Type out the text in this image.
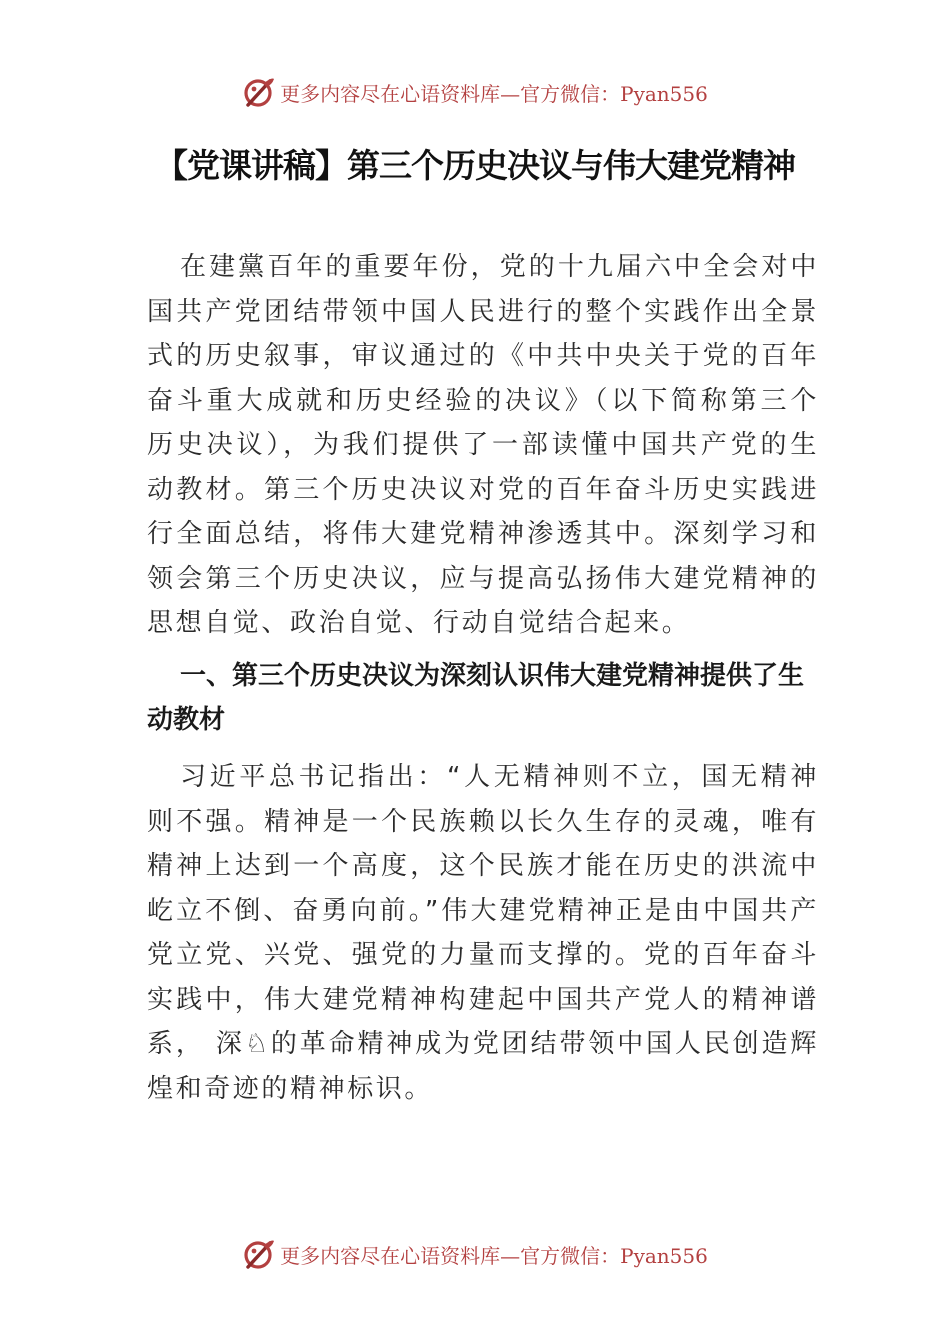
更多内容尽在心语资料库—官方微信：Pyan556
【党课讲稿】第三个历史决议与伟大建党精神

在建黨百年的重要年份，党的十九届六中全会对中国共产党团结带领中国人民进行的整个实践作出全景式的历史叙事，审议通过的《中共中央关于党的百年奋斗重大成就和历史经验的决议》（以下简称第三个历史决议），为我们提供了一部读懂中国共产党的生动教材。第三个历史决议对党的百年奋斗历史实践进行全面总结，将伟大建党精神渗透其中。深刻学习和领会第三个历史决议，应与提高弘扬伟大建党精神的思想自觉、政治自觉、行动自觉结合起来。

一、第三个历史决议为深刻认识伟大建党精神提供了生动教材

习近平总书记指出：“人无精神则不立，国无精神则不强。精神是一个民族赖以长久生存的灵魂，唯有精神上达到一个高度，这个民族才能在历史的洪流中屹立不倒、奋勇向前。”伟大建党精神正是由中国共产党立党、兴党、强党的力量而支撑的。党的百年奋斗实践中，伟大建党精神构建起中国共产党人的精神谱系， 深♘的革命精神成为党团结带领中国人民创造辉煌和奇迹的精神标识。

更多内容尽在心语资料库—官方微信：Pyan556
